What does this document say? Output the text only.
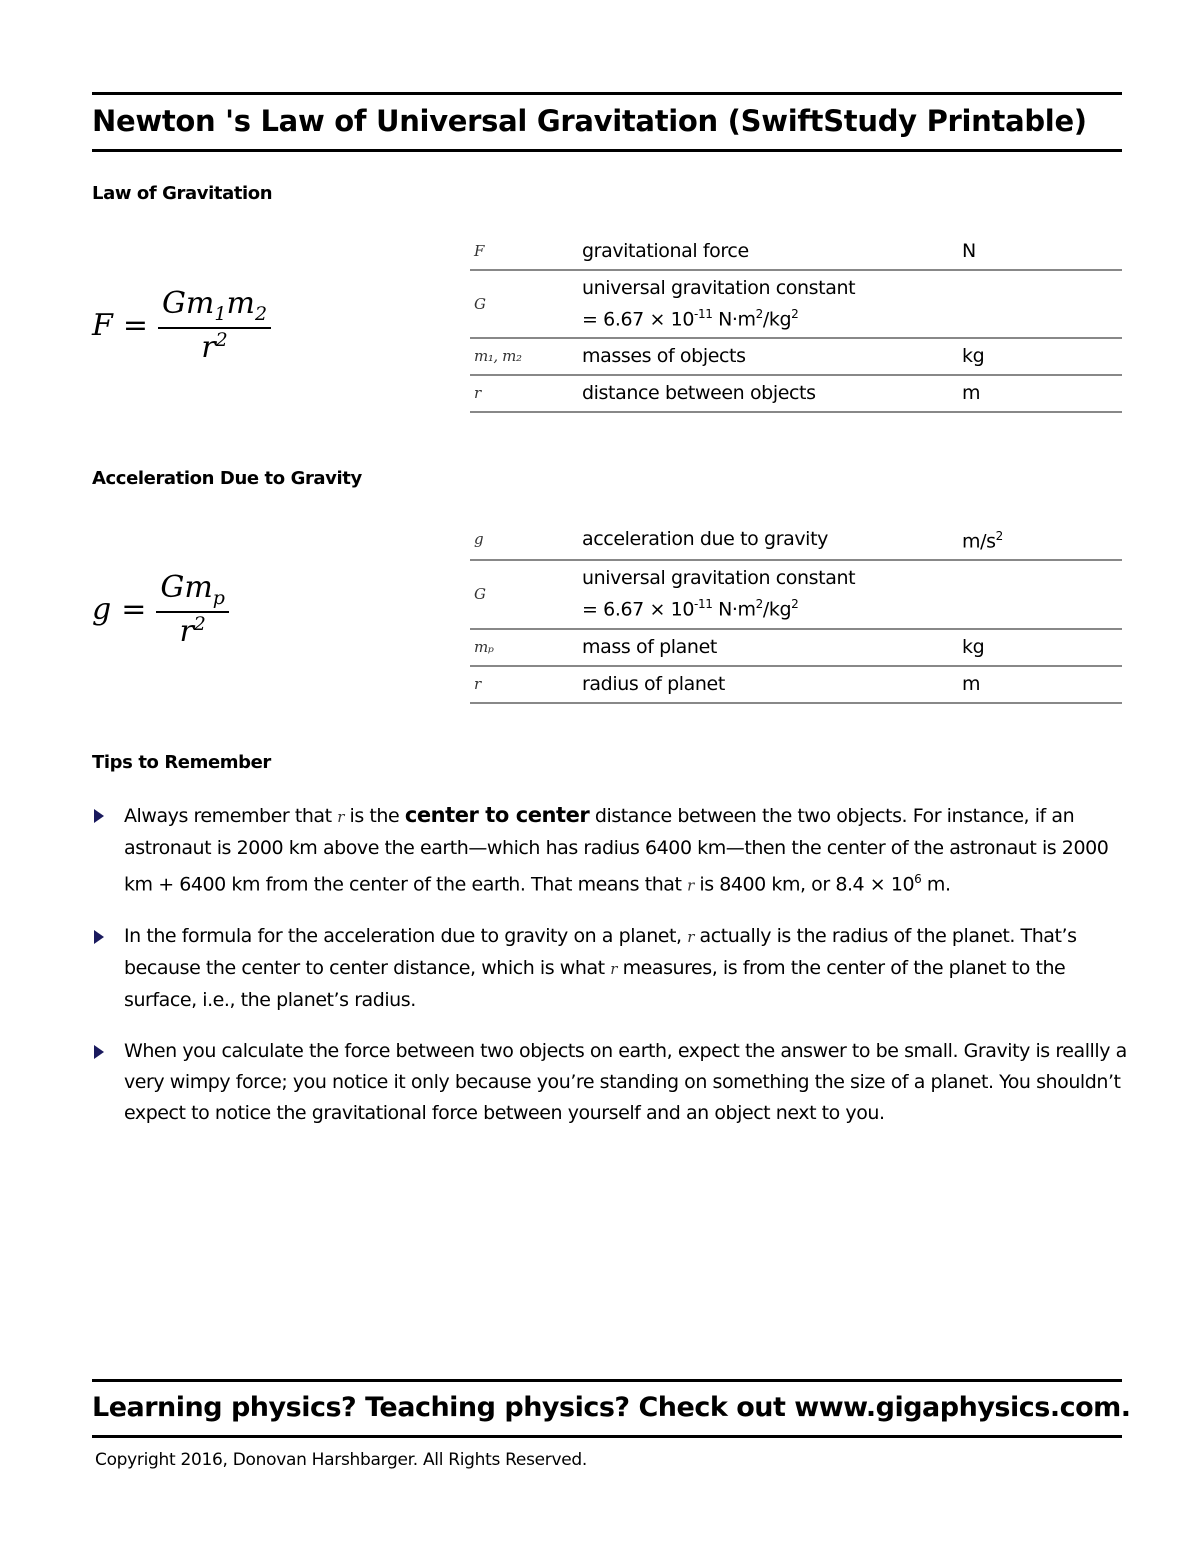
Newton 's Law of Universal Gravitation (SwiftStudy Printable)
Law of Gravitation
$F = \frac{Gm_1m_2}{r^2}$
F	gravitational force	N
G	universal gravitation constant
= $6.67 \times 10^{-11}$ $N\cdot m^2/kg^2$	
m₁, m₂	masses of objects	kg
r	distance between objects	m
Acceleration Due to Gravity
$g = \frac{Gm_p}{r^2}$
g	acceleration due to gravity	$m/s^2$
G	universal gravitation constant
= $6.67 \times 10^{-11}$ $N\cdot m^2/kg^2$	
mₚ	mass of planet	kg
r	radius of planet	m
Tips to Remember
Always remember that r is the center to center distance between the two objects. For instance, if an astronaut is 2000 km above the earth—which has radius 6400 km—then the center of the astronaut is 2000 km + 6400 km from the center of the earth. That means that r is 8400 km, or $8.4 \times 10^6$ m.
In the formula for the acceleration due to gravity on a planet, r actually is the radius of the planet. That’s because the center to center distance, which is what r measures, is from the center of the planet to the surface, i.e., the planet’s radius.
When you calculate the force between two objects on earth, expect the answer to be small. Gravity is reallly a very wimpy force; you notice it only because you’re standing on something the size of a planet. You shouldn’t expect to notice the gravitational force between yourself and an object next to you.
Learning physics? Teaching physics? Check out www.gigaphysics.com.
Copyright 2016, Donovan Harshbarger. All Rights Reserved.
